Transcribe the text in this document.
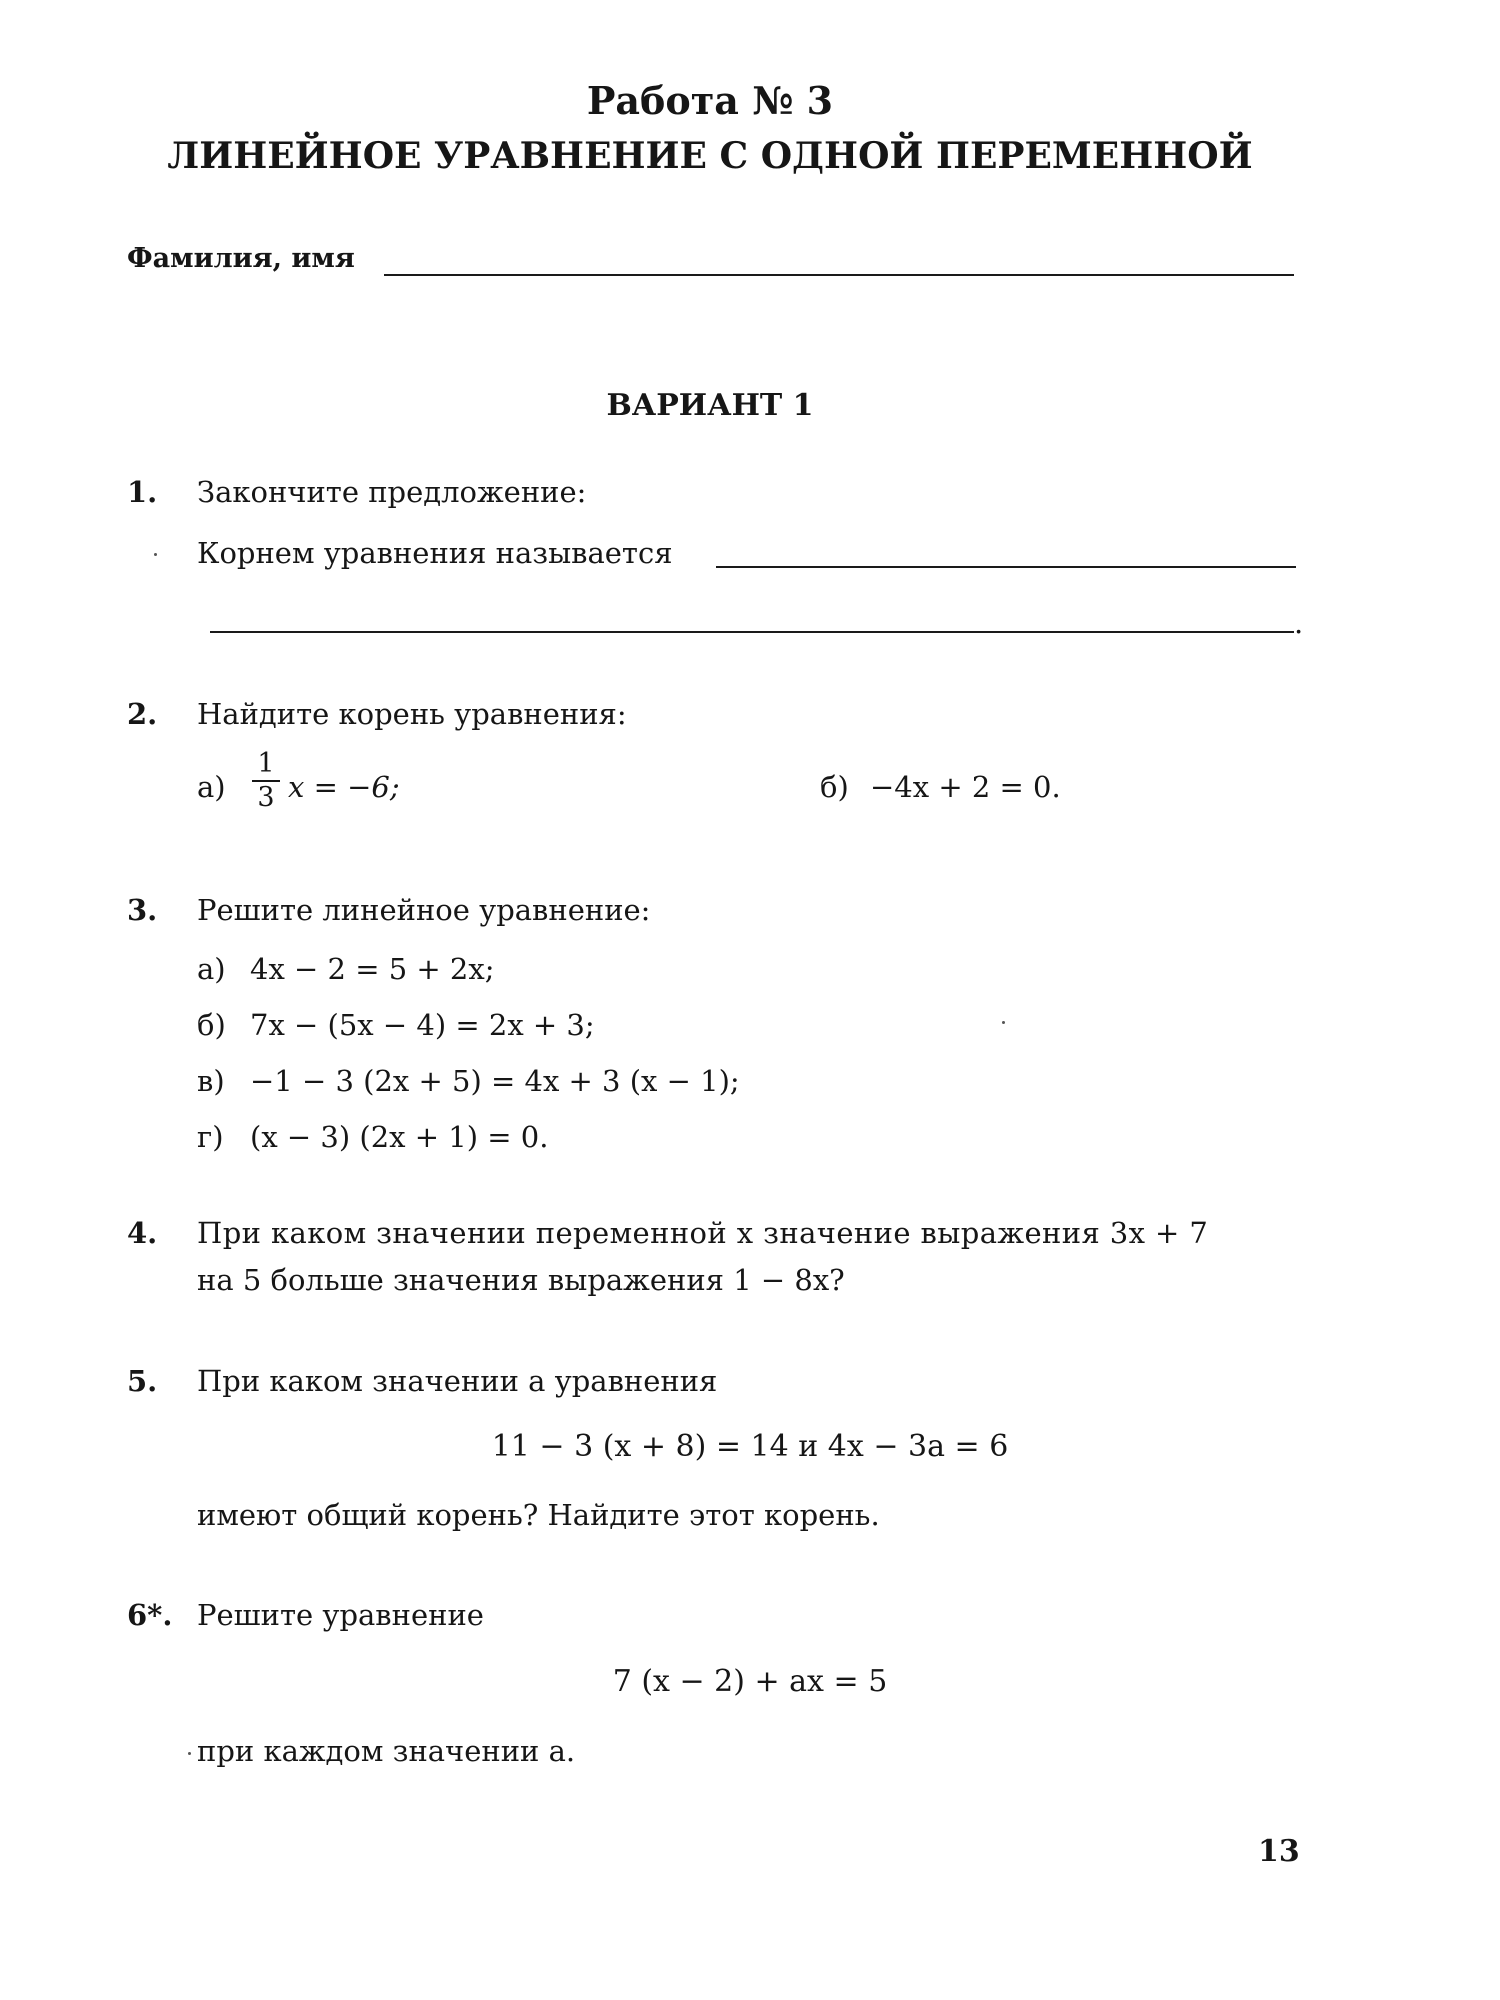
Работа № 3
ЛИНЕЙНОЕ УРАВНЕНИЕ С ОДНОЙ ПЕРЕМЕННОЙ
Фамилия, имя
ВАРИАНТ 1
1. Закончите предложение:
Корнем уравнения называется
.
2. Найдите корень уравнения:
а)
1
3 x = −6;	б) −4x + 2 = 0.
3. Решите линейное уравнение:
а) 4x − 2 = 5 + 2x;
б) 7x − (5x − 4) = 2x + 3;
в) −1 − 3 (2x + 5) = 4x + 3 (x − 1);
г) (x − 3) (2x + 1) = 0.
4. При каком значении переменной x значение выражения 3x + 7
на 5 больше значения выражения 1 − 8x?
5. При каком значении a уравнения
11 − 3 (x + 8) = 14 и 4x − 3a = 6
имеют общий корень? Найдите этот корень.
6*. Решите уравнение
7 (x − 2) + ax = 5
при каждом значении a.
13
